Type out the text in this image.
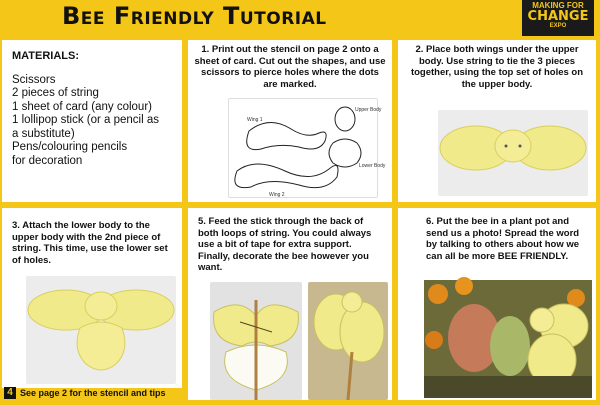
Bee Friendly Tutorial	MAKING FOR
CHANGE
EXPO
MATERIALS:
Scissors
2 pieces of string
1 sheet of card (any colour)
1 lollipop stick (or a pencil as
a substitute)
Pens/colouring pencils
for decoration
1. Print out the stencil on page 2 onto a sheet of card. Cut out the shapes, and use scissors to pierce holes where the dots are marked.
Wing 1
Wing 2
Upper Body
Lower Body
2. Place both wings under the upper body. Use string to tie the 3 pieces together, using the top set of holes on the upper body.
3. Attach the lower body to the upper body with the 2nd piece of string. This time, use the lower set of holes.
5. Feed the stick through the back of both loops of string. You could always use a bit of tape for extra support. Finally, decorate the bee however you want.
6. Put the bee in a plant pot and send us a photo! Spread the word by talking to others about how we can all be more BEE FRIENDLY.
4 See page 2 for the stencil and tips
